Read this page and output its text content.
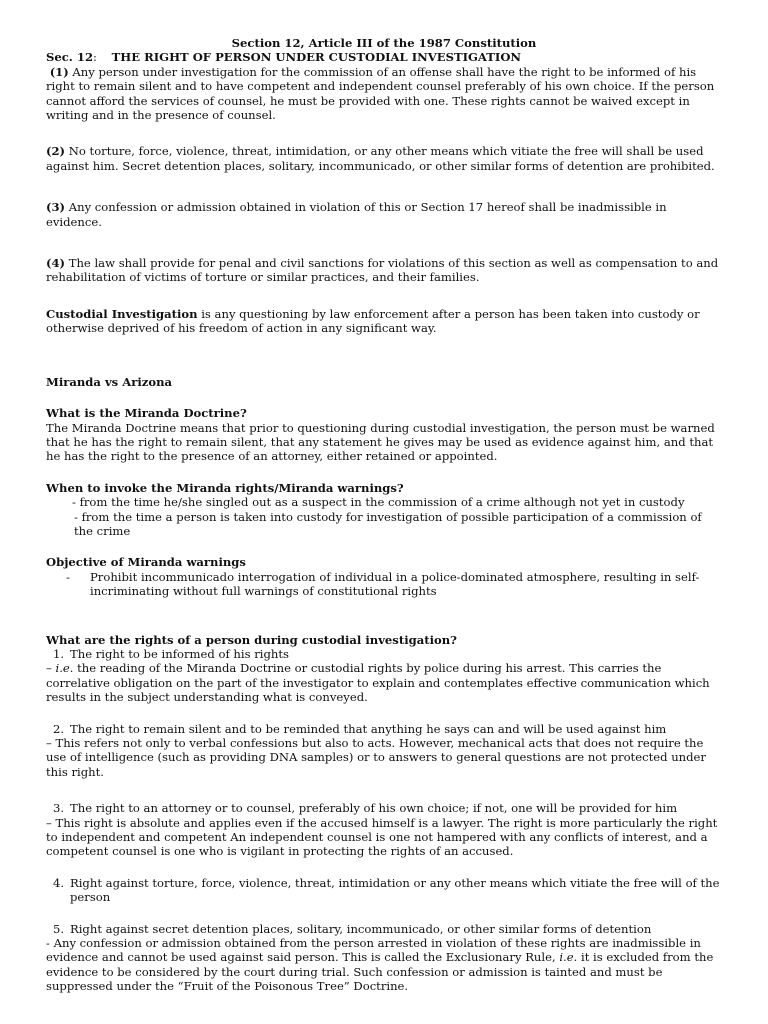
Section 12, Article III of the 1987 Constitution

Sec. 12: THE RIGHT OF PERSON UNDER CUSTODIAL INVESTIGATION

(1) Any person under investigation for the commission of an offense shall have the right to be informed of his right to remain silent and to have competent and independent counsel preferably of his own choice. If the person cannot afford the services of counsel, he must be provided with one. These rights cannot be waived except in writing and in the presence of counsel.

(2) No torture, force, violence, threat, intimidation, or any other means which vitiate the free will shall be used against him. Secret detention places, solitary, incommunicado, or other similar forms of detention are prohibited.

(3) Any confession or admission obtained in violation of this or Section 17 hereof shall be inadmissible in evidence.

(4) The law shall provide for penal and civil sanctions for violations of this section as well as compensation to and rehabilitation of victims of torture or similar practices, and their families.

Custodial Investigation is any questioning by law enforcement after a person has been taken into custody or otherwise deprived of his freedom of action in any significant way.

Miranda vs Arizona

What is the Miranda Doctrine?

The Miranda Doctrine means that prior to questioning during custodial investigation, the person must be warned that he has the right to remain silent, that any statement he gives may be used as evidence against him, and that he has the right to the presence of an attorney, either retained or appointed.

When to invoke the Miranda rights/Miranda warnings?

- from the time he/she singled out as a suspect in the commission of a crime although not yet in custody

- from the time a person is taken into custody for investigation of possible participation of a commission of the crime

Objective of Miranda warnings

-	Prohibit incommunicado interrogation of individual in a police-dominated atmosphere, resulting in self-incriminating without full warnings of constitutional rights

What are the rights of a person during custodial investigation?

1. The right to be informed of his rights

– i.e. the reading of the Miranda Doctrine or custodial rights by police during his arrest. This carries the correlative obligation on the part of the investigator to explain and contemplates effective communication which results in the subject understanding what is conveyed.

2. The right to remain silent and to be reminded that anything he says can and will be used against him

– This refers not only to verbal confessions but also to acts. However, mechanical acts that does not require the use of intelligence (such as providing DNA samples) or to answers to general questions are not protected under this right.

3. The right to an attorney or to counsel, preferably of his own choice; if not, one will be provided for him

– This right is absolute and applies even if the accused himself is a lawyer. The right is more particularly the right to independent and competent An independent counsel is one not hampered with any conflicts of interest, and a competent counsel is one who is vigilant in protecting the rights of an accused.

4. Right against torture, force, violence, threat, intimidation or any other means which vitiate the free will of the person
5. Right against secret detention places, solitary, incommunicado, or other similar forms of detention

- Any confession or admission obtained from the person arrested in violation of these rights are inadmissible in evidence and cannot be used against said person. This is called the Exclusionary Rule, i.e. it is excluded from the evidence to be considered by the court during trial. Such confession or admission is tainted and must be suppressed under the “Fruit of the Poisonous Tree” Doctrine.
